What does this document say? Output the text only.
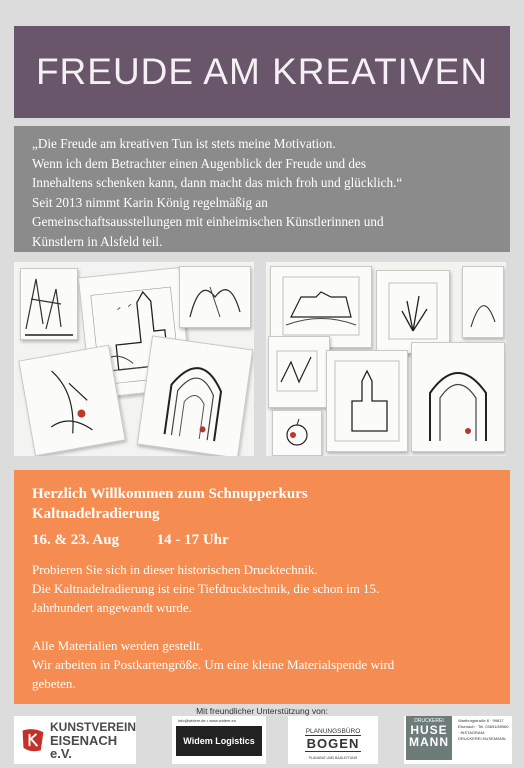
FREUDE AM KREATIVEN

„Die Freude am kreativen Tun ist stets meine Motivation.

Wenn ich dem Betrachter einen Augenblick der Freude und des

Innehaltens schenken kann, dann macht das mich froh und glücklich.“

Seit 2013 nimmt Karin König regelmäßig an

Gemeinschaftsausstellungen mit einheimischen Künstlerinnen und

Künstlern in Alsfeld teil.

Herzlich Willkommen zum Schnupperkurs

Kaltnadelradierung

16. & 23. Aug	14 - 17 Uhr

Probieren Sie sich in dieser historischen Drucktechnik.

Die Kaltnadelradierung ist eine Tiefdrucktechnik, die schon im 15.

Jahrhundert angewandt wurde.

Alle Materialien werden gestellt.

Wir arbeiten in Postkartengröße. Um eine kleine Materialspende wird

gebeten.

Mit freundlicher Unterstützung von:
KUNSTVEREIN
EISENACH e.V.
info@widem.de • www.widem.eu
Widem Logistics
PLANUNGSBÜRO
BOGEN
PLANUNG UND BAULEITUNG
DRUCKEREI
HUSE
MANN
Wartburgstraße 8 · 99817 Eisenach · Tel. 03691/69060 · INSTAGRAM: DRUCKEREI.HUSEMANN
